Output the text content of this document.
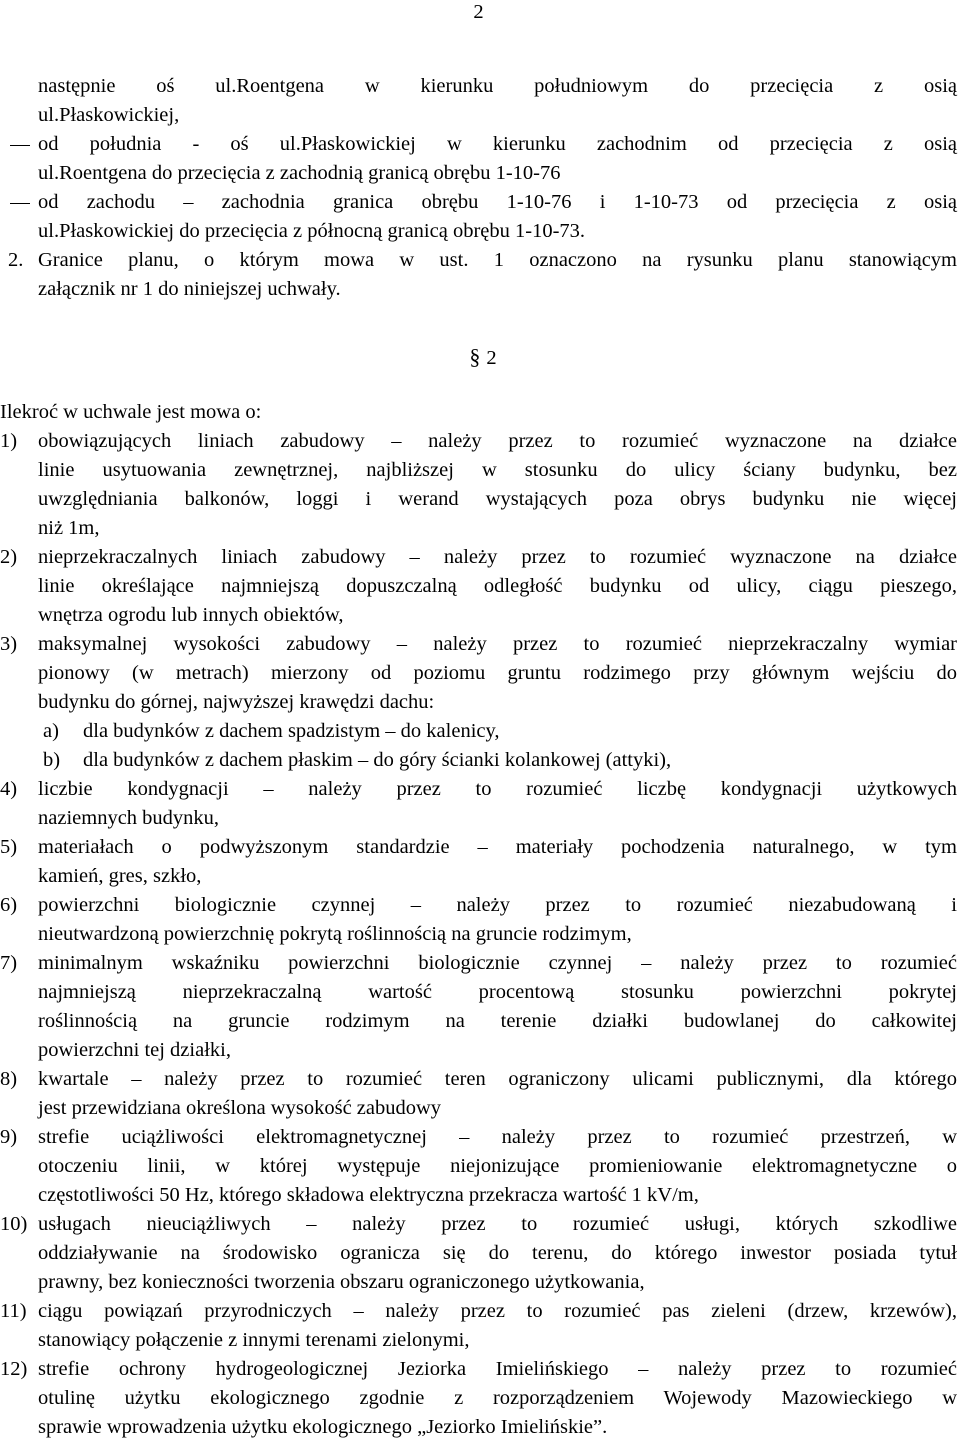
2
następnie oś ul.Roentgena w kierunku południowym do przecięcia z osią
ul.Płaskowickiej,
od południa - oś ul.Płaskowickiej w kierunku zachodnim od przecięcia z osią
ul.Roentgena do przecięcia z zachodnią granicą obrębu 1-10-76
od zachodu – zachodnia granica obrębu 1-10-76 i 1-10-73 od przecięcia z osią
ul.Płaskowickiej do przecięcia z północną granicą obrębu 1-10-73.
2. Granice planu, o którym mowa w ust. 1 oznaczono na rysunku planu stanowiącym
załącznik nr 1 do niniejszej uchwały.
§ 2
Ilekroć w uchwale jest mowa o:
1)	obowiązujących liniach zabudowy – należy przez to rozumieć wyznaczone na działce
linie usytuowania zewnętrznej, najbliższej w stosunku do ulicy ściany budynku, bez
uwzględniania balkonów, loggi i werand wystających poza obrys budynku nie więcej
niż 1m,
2)	nieprzekraczalnych liniach zabudowy – należy przez to rozumieć wyznaczone na działce
linie określające najmniejszą dopuszczalną odległość budynku od ulicy, ciągu pieszego,
wnętrza ogrodu lub innych obiektów,
3)	maksymalnej wysokości zabudowy – należy przez to rozumieć nieprzekraczalny wymiar
pionowy (w metrach) mierzony od poziomu gruntu rodzimego przy głównym wejściu do
budynku do górnej, najwyższej krawędzi dachu:
a)	dla budynków z dachem spadzistym – do kalenicy,
b)	dla budynków z dachem płaskim – do góry ścianki kolankowej (attyki),
4)	liczbie kondygnacji – należy przez to rozumieć liczbę kondygnacji użytkowych
naziemnych budynku,
5)	materiałach o podwyższonym standardzie – materiały pochodzenia naturalnego, w tym
kamień, gres, szkło,
6)	powierzchni biologicznie czynnej – należy przez to rozumieć niezabudowaną i
nieutwardzoną powierzchnię pokrytą roślinnością na gruncie rodzimym,
7)	minimalnym wskaźniku powierzchni biologicznie czynnej – należy przez to rozumieć
najmniejszą nieprzekraczalną wartość procentową stosunku powierzchni pokrytej
roślinnością na gruncie rodzimym na terenie działki budowlanej do całkowitej
powierzchni tej działki,
8)	kwartale – należy przez to rozumieć teren ograniczony ulicami publicznymi, dla którego
jest przewidziana określona wysokość zabudowy
9)	strefie uciążliwości elektromagnetycznej – należy przez to rozumieć przestrzeń, w
otoczeniu linii, w której występuje niejonizujące promieniowanie elektromagnetyczne o
częstotliwości 50 Hz, którego składowa elektryczna przekracza wartość 1 kV/m,
10) usługach nieuciążliwych – należy przez to rozumieć usługi, których szkodliwe
oddziaływanie na środowisko ogranicza się do terenu, do którego inwestor posiada tytuł
prawny, bez konieczności tworzenia obszaru ograniczonego użytkowania,
11) ciągu powiązań przyrodniczych – należy przez to rozumieć pas zieleni (drzew, krzewów),
stanowiący połączenie z innymi terenami zielonymi,
12) strefie ochrony hydrogeologicznej Jeziorka Imielińskiego – należy przez to rozumieć
otulinę użytku ekologicznego zgodnie z rozporządzeniem Wojewody Mazowieckiego w
sprawie wprowadzenia użytku ekologicznego „Jeziorko Imielińskie”.
